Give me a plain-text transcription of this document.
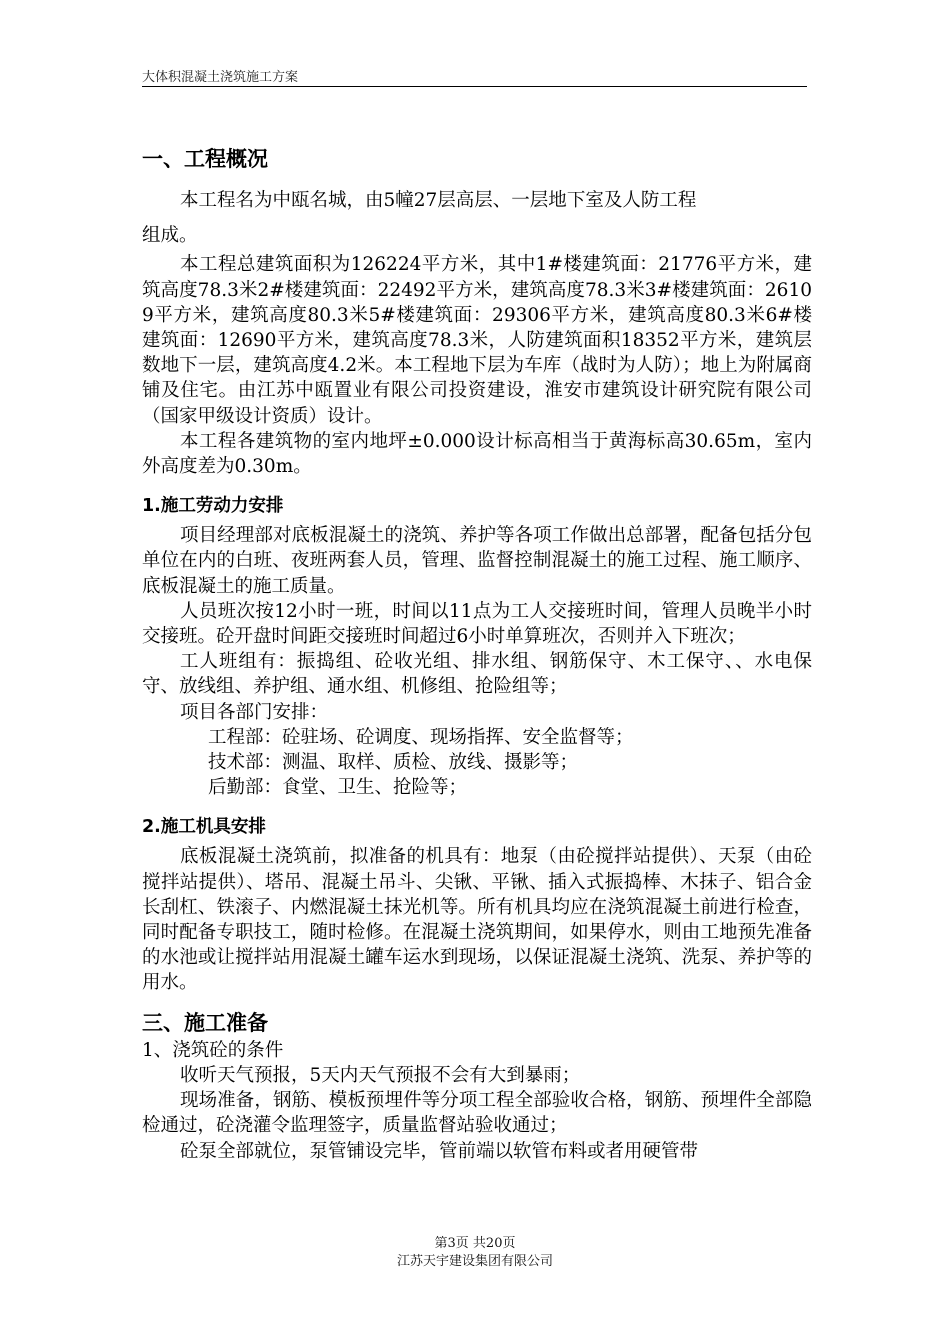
大体积混凝土浇筑施工方案
一、工程概况

本工程名为中瓯名城，由5幢27层高层、一层地下室及人防工程

组成。

本工程总建筑面积为126224平方米，其中1#楼建筑面：21776平方米，建筑高度78.3米2#楼建筑面：22492平方米，建筑高度78.3米3#楼建筑面：26109平方米，建筑高度80.3米5#楼建筑面：29306平方米，建筑高度80.3米6#楼建筑面：12690平方米，建筑高度78.3米，人防建筑面积18352平方米，建筑层数地下一层，建筑高度4.2米。本工程地下层为车库（战时为人防）；地上为附属商铺及住宅。由江苏中瓯置业有限公司投资建设，淮安市建筑设计研究院有限公司（国家甲级设计资质）设计。

本工程各建筑物的室内地坪±0.000设计标高相当于黄海标高30.65m，室内外高度差为0.30m。

1.施工劳动力安排

项目经理部对底板混凝土的浇筑、养护等各项工作做出总部署，配备包括分包单位在内的白班、夜班两套人员，管理、监督控制混凝土的施工过程、施工顺序、底板混凝土的施工质量。

人员班次按12小时一班，时间以11点为工人交接班时间，管理人员晚半小时交接班。砼开盘时间距交接班时间超过6小时单算班次，否则并入下班次；

工人班组有：振捣组、砼收光组、排水组、钢筋保守、木工保守、、水电保守、放线组、养护组、通水组、机修组、抢险组等；

项目各部门安排：

工程部：砼驻场、砼调度、现场指挥、安全监督等；

技术部：测温、取样、质检、放线、摄影等；

后勤部：食堂、卫生、抢险等；

2.施工机具安排

底板混凝土浇筑前，拟准备的机具有：地泵（由砼搅拌站提供）、天泵（由砼搅拌站提供）、塔吊、混凝土吊斗、尖锹、平锹、插入式振捣棒、木抹子、铝合金长刮杠、铁滚子、内燃混凝土抹光机等。所有机具均应在浇筑混凝土前进行检查，同时配备专职技工，随时检修。在混凝土浇筑期间，如果停水，则由工地预先准备的水池或让搅拌站用混凝土罐车运水到现场，以保证混凝土浇筑、洗泵、养护等的用水。

三、施工准备

1、浇筑砼的条件

收听天气预报，5天内天气预报不会有大到暴雨；

现场准备，钢筋、模板预埋件等分项工程全部验收合格，钢筋、预埋件全部隐检通过，砼浇灌令监理签字，质量监督站验收通过；

砼泵全部就位，泵管铺设完毕，管前端以软管布料或者用硬管带

第3页 共20页
江苏天宇建设集团有限公司
